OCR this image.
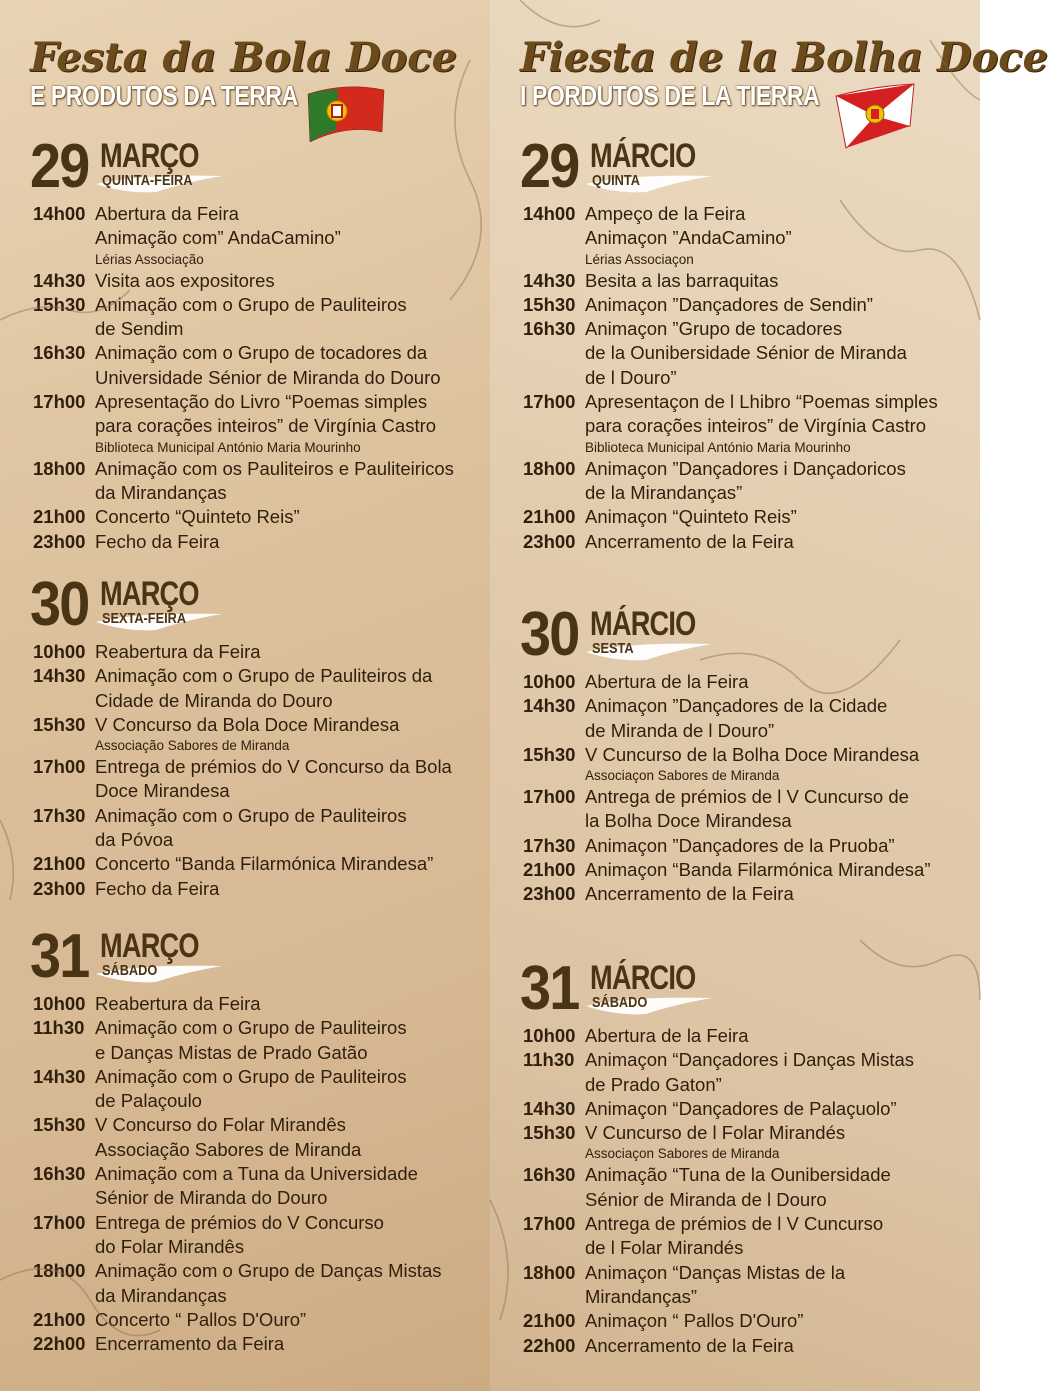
Festa da Bola Doce
E PRODUTOS DA TERRA
29 MARÇO
QUINTA-FEIRA
14h00 Abertura da Feira
Animação com” AndaCamino”
Lérias Associação
14h30 Visita aos expositores
15h30 Animação com o Grupo de Pauliteiros
de Sendim
16h30 Animação com o Grupo de tocadores da
Universidade Sénior de Miranda do Douro
17h00 Apresentação do Livro “Poemas simples
para corações inteiros” de Virgínia Castro
Biblioteca Municipal António Maria Mourinho
18h00 Animação com os Pauliteiros e Pauliteiricos
da Mirandanças
21h00 Concerto “Quinteto Reis”
23h00 Fecho da Feira
30 MARÇO
SEXTA-FEIRA
10h00 Reabertura da Feira
14h30 Animação com o Grupo de Pauliteiros da
Cidade de Miranda do Douro
15h30 V Concurso da Bola Doce Mirandesa
Associação Sabores de Miranda
17h00 Entrega de prémios do V Concurso da Bola
Doce Mirandesa
17h30 Animação com o Grupo de Pauliteiros
da Póvoa
21h00 Concerto “Banda Filarmónica Mirandesa”
23h00 Fecho da Feira
31 MARÇO
SÁBADO
10h00 Reabertura da Feira
11h30 Animação com o Grupo de Pauliteiros
e Danças Mistas de Prado Gatão
14h30 Animação com o Grupo de Pauliteiros
de Palaçoulo
15h30 V Concurso do Folar Mirandês
Associação Sabores de Miranda
16h30 Animação com a Tuna da Universidade
Sénior de Miranda do Douro
17h00 Entrega de prémios do V Concurso
do Folar Mirandês
18h00 Animação com o Grupo de Danças Mistas
da Mirandanças
21h00 Concerto “ Pallos D'Ouro”
22h00 Encerramento da Feira
Fiesta de la Bolha Doce
I PORDUTOS DE LA TIERRA
29 MÁRCIO
QUINTA
14h00 Ampeço de la Feira
Animaçon ”AndaCamino”
Lérias Associaçon
14h30 Besita a las barraquitas
15h30 Animaçon ”Dançadores de Sendin”
16h30 Animaçon ”Grupo de tocadores
de la Ounibersidade Sénior de Miranda
de l Douro”
17h00 Apresentaçon de l Lhibro “Poemas simples
para corações inteiros” de Virgínia Castro
Biblioteca Municipal António Maria Mourinho
18h00 Animaçon ”Dançadores i Dançadoricos
de la Mirandanças”
21h00 Animaçon “Quinteto Reis”
23h00 Ancerramento de la Feira
30 MÁRCIO
SESTA
10h00 Abertura de la Feira
14h30 Animaçon ”Dançadores de la Cidade
de Miranda de l Douro”
15h30 V Cuncurso de la Bolha Doce Mirandesa
Associaçon Sabores de Miranda
17h00 Antrega de prémios de l V Cuncurso de
la Bolha Doce Mirandesa
17h30 Animaçon ”Dançadores de la Pruoba”
21h00 Animaçon “Banda Filarmónica Mirandesa”
23h00 Ancerramento de la Feira
31 MÁRCIO
SÁBADO
10h00 Abertura de la Feira
11h30 Animaçon “Dançadores i Danças Mistas
de Prado Gaton”
14h30 Animaçon “Dançadores de Palaçuolo”
15h30 V Cuncurso de l Folar Mirandés
Associaçon Sabores de Miranda
16h30 Animação “Tuna de la Ounibersidade
Sénior de Miranda de l Douro
17h00 Antrega de prémios de l V Cuncurso
de l Folar Mirandés
18h00 Animaçon “Danças Mistas de la
Mirandanças”
21h00 Animaçon “ Pallos D'Ouro”
22h00 Ancerramento de la Feira
